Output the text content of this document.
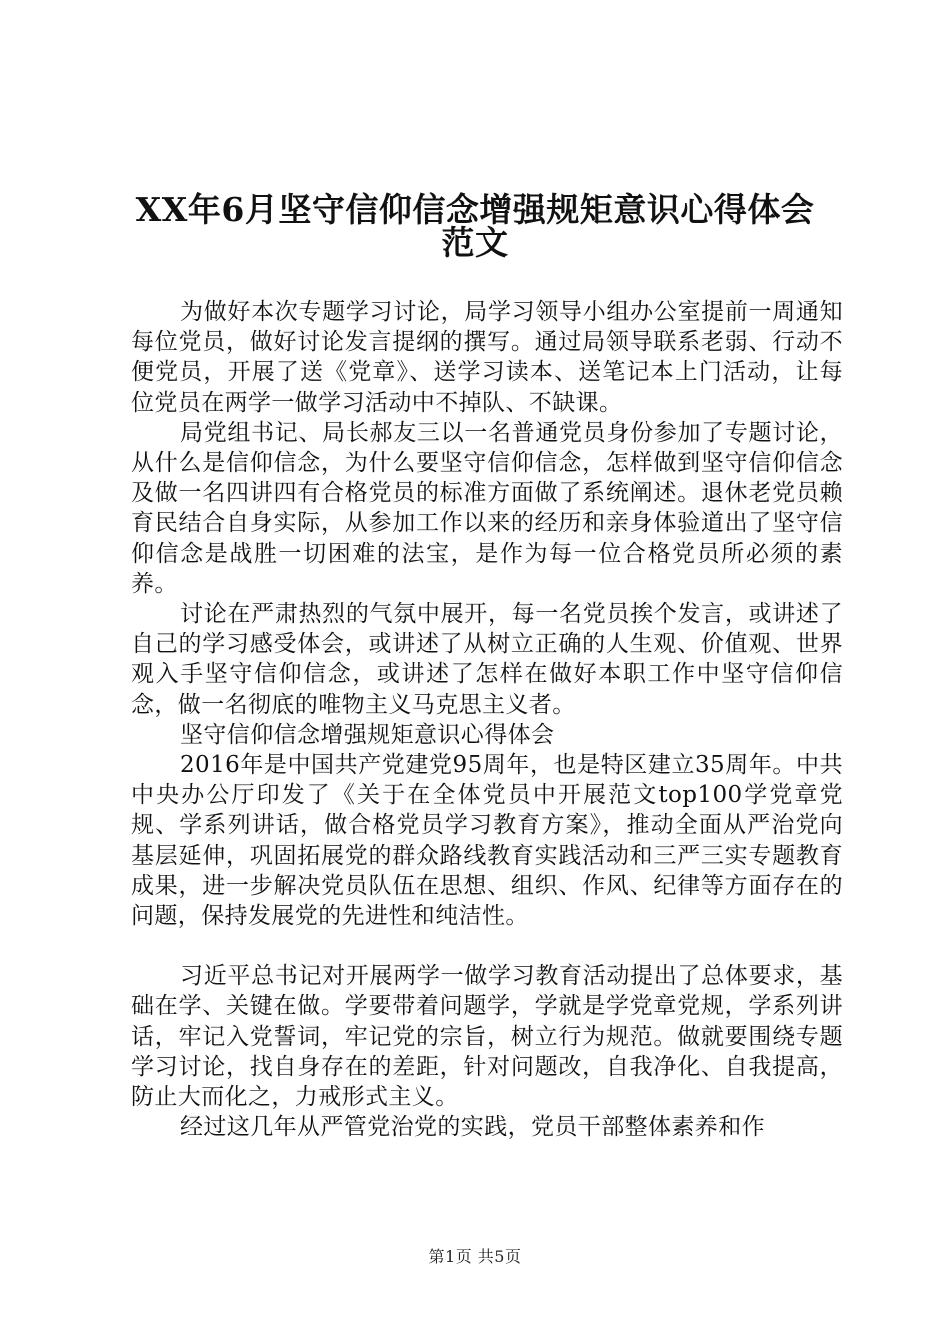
XX年6月坚守信仰信念增强规矩意识心得体会
范文

为做好本次专题学习讨论，局学习领导小组办公室提前一周通知每位党员，做好讨论发言提纲的撰写。通过局领导联系老弱、行动不便党员，开展了送《党章》、送学习读本、送笔记本上门活动，让每位党员在两学一做学习活动中不掉队、不缺课。

局党组书记、局长郝友三以一名普通党员身份参加了专题讨论，从什么是信仰信念，为什么要坚守信仰信念，怎样做到坚守信仰信念及做一名四讲四有合格党员的标准方面做了系统阐述。退休老党员赖育民结合自身实际，从参加工作以来的经历和亲身体验道出了坚守信仰信念是战胜一切困难的法宝，是作为每一位合格党员所必须的素养。

讨论在严肃热烈的气氛中展开，每一名党员挨个发言，或讲述了自己的学习感受体会，或讲述了从树立正确的人生观、价值观、世界观入手坚守信仰信念，或讲述了怎样在做好本职工作中坚守信仰信念，做一名彻底的唯物主义马克思主义者。

坚守信仰信念增强规矩意识心得体会

2016年是中国共产党建党95周年，也是特区建立35周年。中共中央办公厅印发了《关于在全体党员中开展范文top100学党章党规、学系列讲话，做合格党员学习教育方案》，推动全面从严治党向基层延伸，巩固拓展党的群众路线教育实践活动和三严三实专题教育成果，进一步解决党员队伍在思想、组织、作风、纪律等方面存在的问题，保持发展党的先进性和纯洁性。

习近平总书记对开展两学一做学习教育活动提出了总体要求，基础在学、关键在做。学要带着问题学，学就是学党章党规，学系列讲话，牢记入党誓词，牢记党的宗旨，树立行为规范。做就要围绕专题学习讨论，找自身存在的差距，针对问题改，自我净化、自我提高，防止大而化之，力戒形式主义。

经过这几年从严管党治党的实践，党员干部整体素养和作

第1页 共5页
